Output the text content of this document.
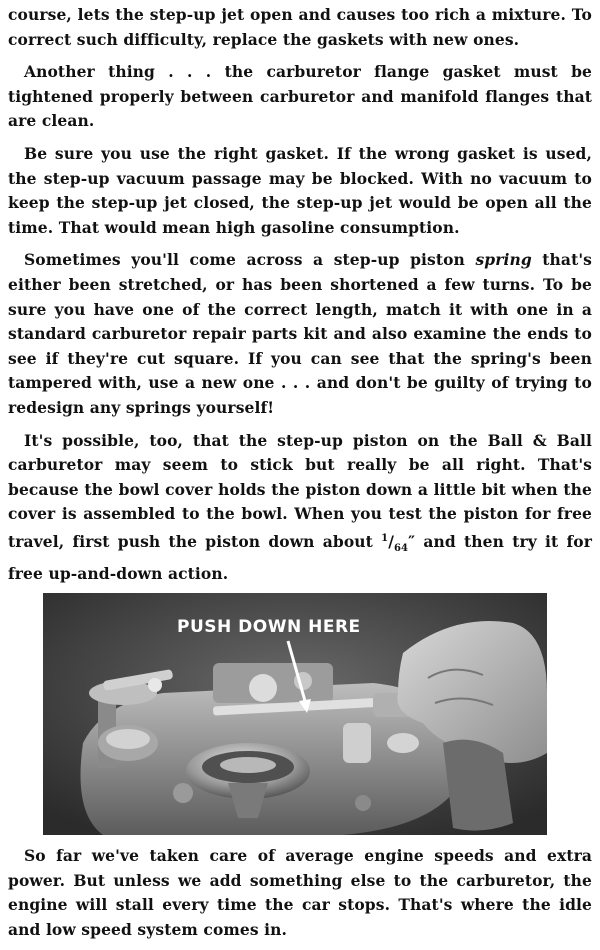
course, lets the step-up jet open and causes too rich a mixture. To correct such difficulty, replace the gaskets with new ones.

Another thing . . . the carburetor flange gasket must be tightened properly between carburetor and manifold flanges that are clean.

Be sure you use the right gasket. If the wrong gasket is used, the step-up vacuum passage may be blocked. With no vacuum to keep the step-up jet closed, the step-up jet would be open all the time. That would mean high gasoline consumption.

Sometimes you'll come across a step-up piston spring that's either been stretched, or has been shortened a few turns. To be sure you have one of the correct length, match it with one in a standard carburetor repair parts kit and also examine the ends to see if they're cut square. If you can see that the spring's been tampered with, use a new one . . . and don't be guilty of trying to redesign any springs yourself!

It's possible, too, that the step-up piston on the Ball & Ball carburetor may seem to stick but really be all right. That's because the bowl cover holds the piston down a little bit when the cover is assembled to the bowl. When you test the piston for free travel, first push the piston down about $^1/_{64}''$ and then try it for free up-and-down action.

PUSH DOWN HERE

So far we've taken care of average engine speeds and extra power. But unless we add something else to the carburetor, the engine will stall every time the car stops. That's where the idle and low speed system comes in.
